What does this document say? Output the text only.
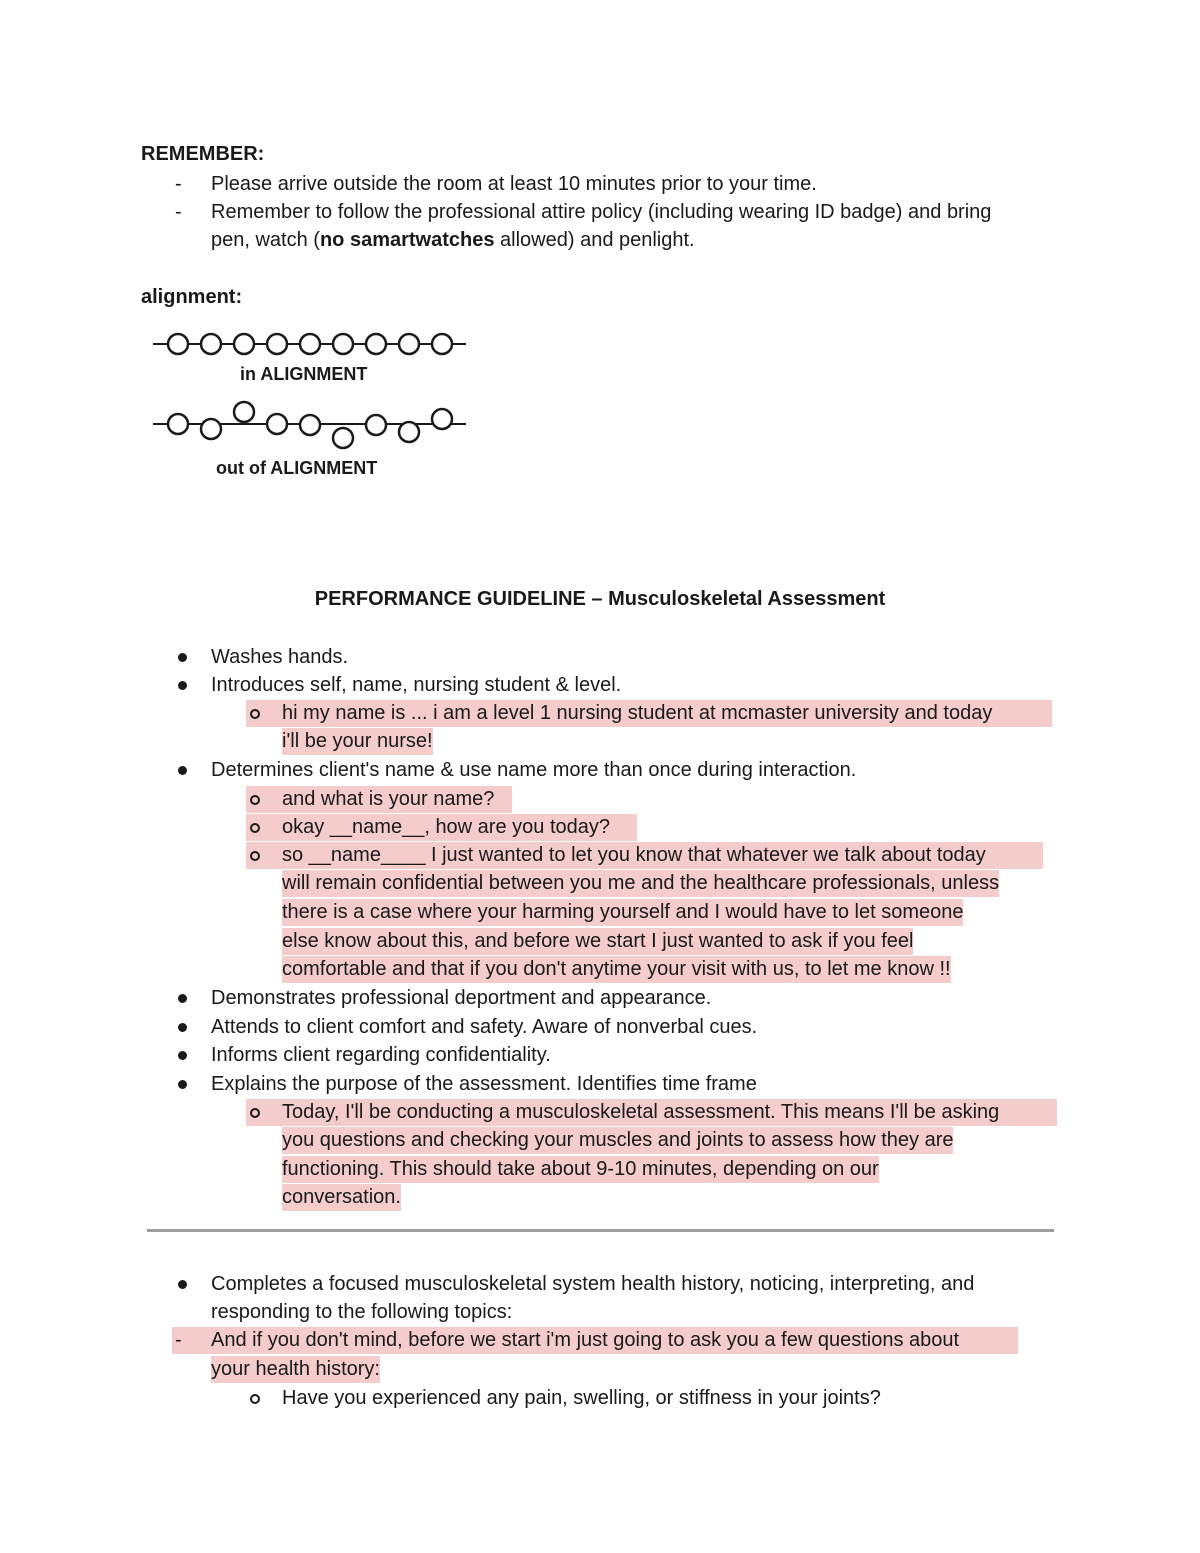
REMEMBER:
- Please arrive outside the room at least 10 minutes prior to your time.
- Remember to follow the professional attire policy (including wearing ID badge) and bring
pen, watch (no samartwatches allowed) and penlight.
alignment:
in ALIGNMENT
out of ALIGNMENT
PERFORMANCE GUIDELINE – Musculoskeletal Assessment
Washes hands.
Introduces self, name, nursing student & level.
hi my name is ... i am a level 1 nursing student at mcmaster university and today
i'll be your nurse!
Determines client's name & use name more than once during interaction.
and what is your name?
okay __name__, how are you today?
so __name____ I just wanted to let you know that whatever we talk about today
will remain confidential between you me and the healthcare professionals, unless
there is a case where your harming yourself and I would have to let someone
else know about this, and before we start I just wanted to ask if you feel
comfortable and that if you don't anytime your visit with us, to let me know !!
Demonstrates professional deportment and appearance.
Attends to client comfort and safety. Aware of nonverbal cues.
Informs client regarding confidentiality.
Explains the purpose of the assessment. Identifies time frame
Today, I'll be conducting a musculoskeletal assessment. This means I'll be asking
you questions and checking your muscles and joints to assess how they are
functioning. This should take about 9-10 minutes, depending on our
conversation.
Completes a focused musculoskeletal system health history, noticing, interpreting, and
responding to the following topics:
- And if you don't mind, before we start i'm just going to ask you a few questions about
your health history:
Have you experienced any pain, swelling, or stiffness in your joints?
